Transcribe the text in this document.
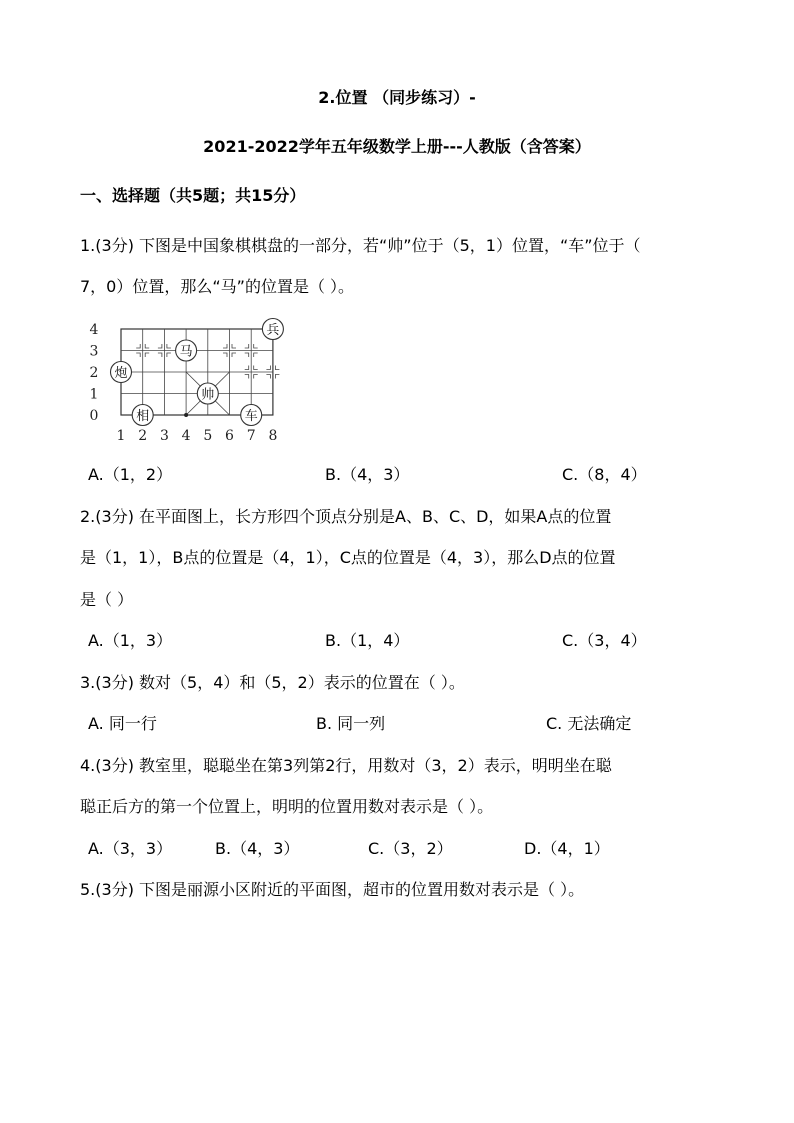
2.位置 （同步练习）-
2021-2022学年五年级数学上册---人教版（含答案）
一、选择题（共5题；共15分）
1.(3分) 下图是中国象棋棋盘的一部分，若“帅”位于（5，1）位置，“车”位于（
7，0）位置，那么“马”的位置是（ ）。
0
1
2
3
4
1 2 3 4 5 6 7 8
兵
马
炮
帅
相	车
A.（1，2）	B.（4，3）	C.（8，4）
2.(3分) 在平面图上，长方形四个顶点分别是A、B、C、D，如果A点的位置
是（1，1），B点的位置是（4，1），C点的位置是（4，3），那么D点的位置
是（ ）
A.（1，3）	B.（1，4）	C.（3，4）
3.(3分) 数对（5，4）和（5，2）表示的位置在（ ）。
A. 同一行	B. 同一列	C. 无法确定
4.(3分) 教室里，聪聪坐在第3列第2行，用数对（3，2）表示，明明坐在聪
聪正后方的第一个位置上，明明的位置用数对表示是（ ）。
A.（3，3）	B.（4，3）	C.（3，2）	D.（4，1）
5.(3分) 下图是丽源小区附近的平面图，超市的位置用数对表示是（ ）。
